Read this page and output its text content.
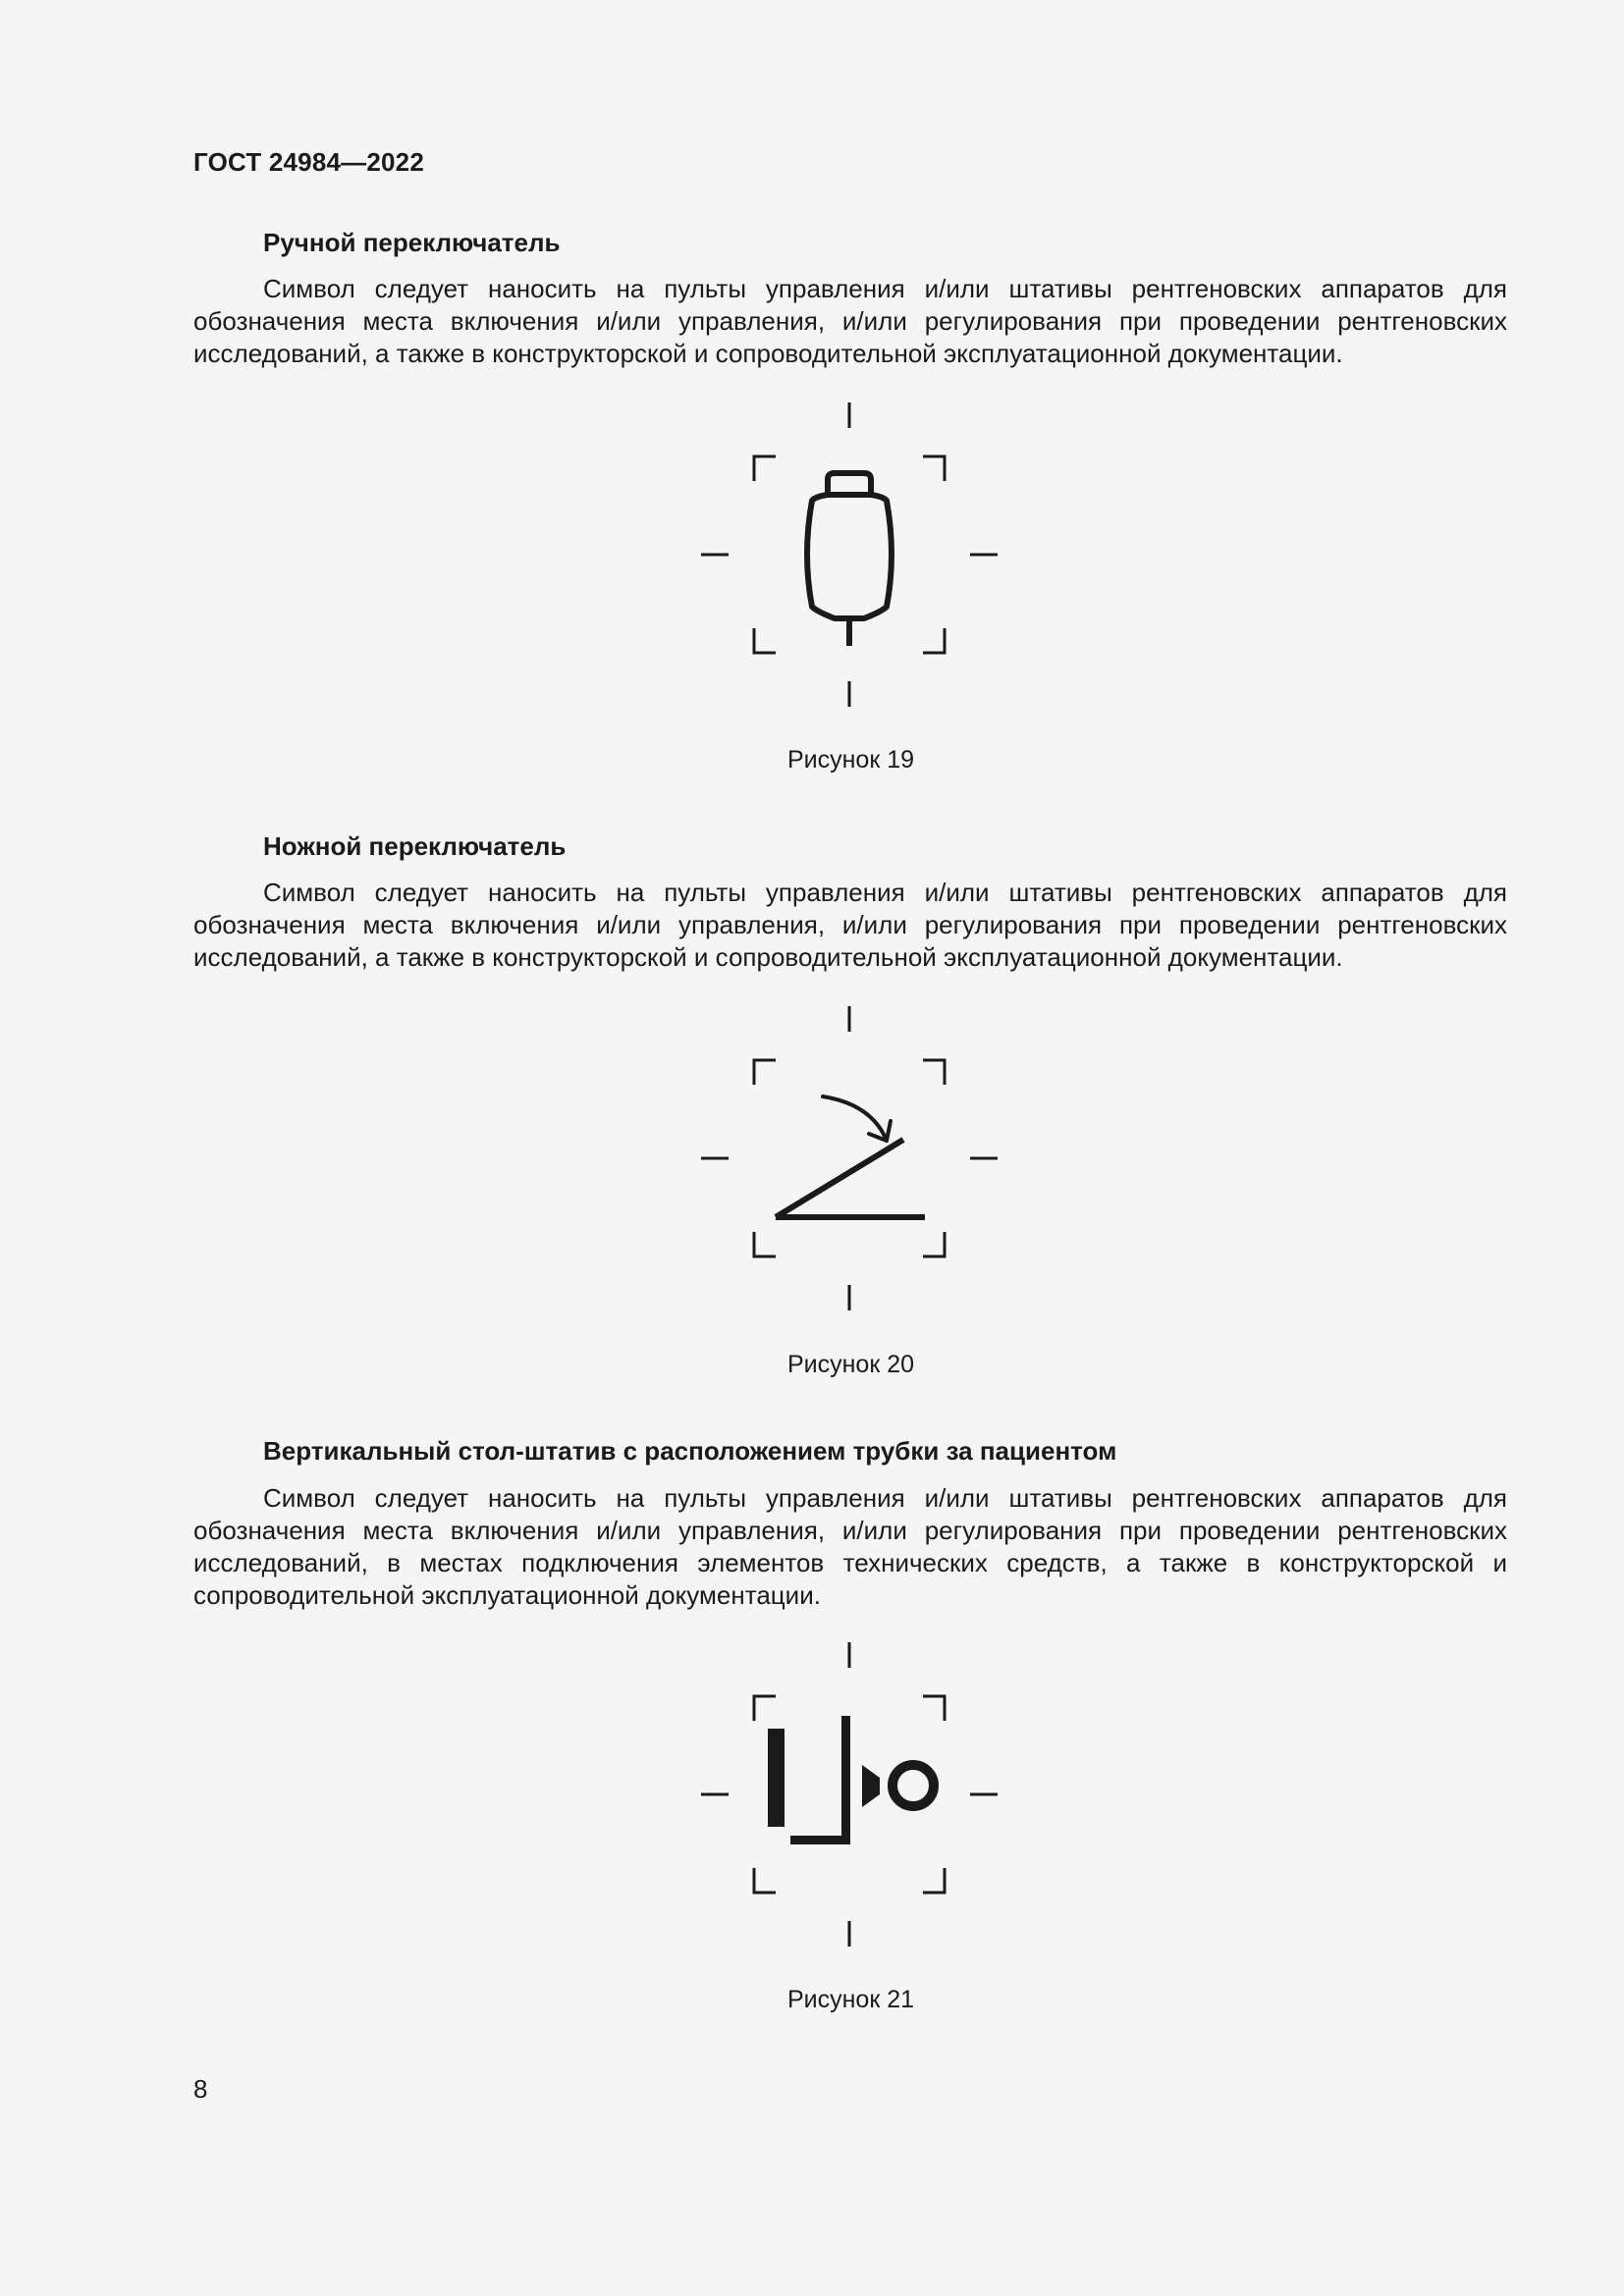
ГОСТ 24984—2022
Ручной переключатель

Символ следует наносить на пульты управления и/или штативы рентгеновских аппаратов для обозначения места включения и/или управления, и/или регулирования при проведении рентгеновских исследований, а также в конструкторской и сопроводительной эксплуатационной документации.

Рисунок 19
Ножной переключатель

Символ следует наносить на пульты управления и/или штативы рентгеновских аппаратов для обозначения места включения и/или управления, и/или регулирования при проведении рентгеновских исследований, а также в конструкторской и сопроводительной эксплуатационной документации.

Рисунок 20
Вертикальный стол-штатив с расположением трубки за пациентом

Символ следует наносить на пульты управления и/или штативы рентгеновских аппаратов для обозначения места включения и/или управления, и/или регулирования при проведении рентгеновских исследований, в местах подключения элементов технических средств, а также в конструкторской и сопроводительной эксплуатационной документации.

Рисунок 21
8
